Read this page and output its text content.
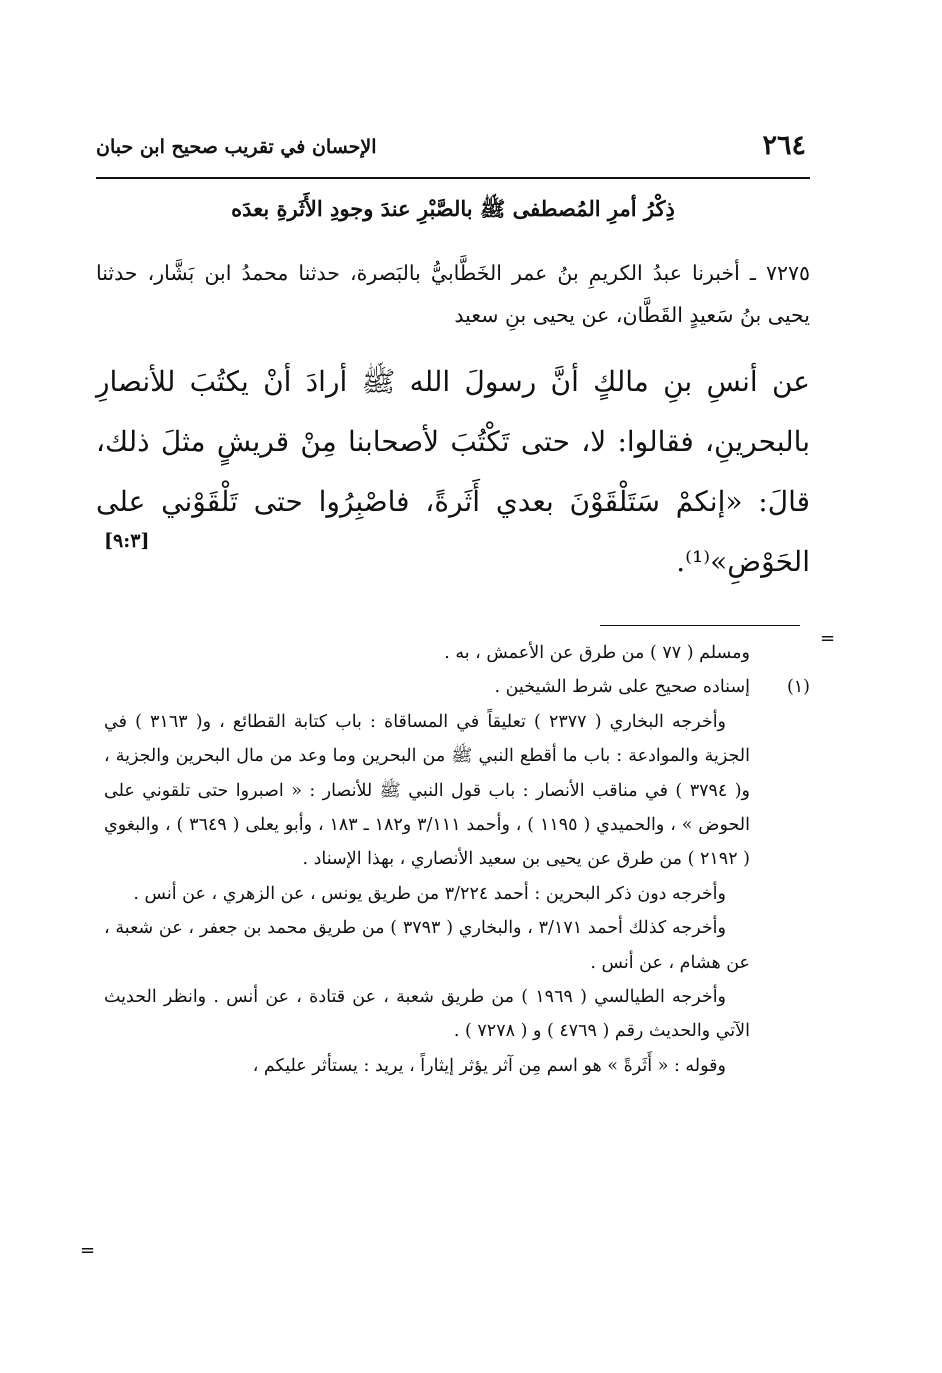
٢٦٤
الإحسان في تقريب صحيح ابن حبان
ذِكْرُ أمرِ المُصطفى ﷺ بالصَّبْرِ عندَ وجودِ الأَثَرةِ بعدَه

٧٢٧٥ ـ أخبرنا عبدُ الكريمِ بنُ عمر الخَطَّابيُّ بالبَصرة، حدثنا محمدُ ابن بَشَّار، حدثنا يحيى بنُ سَعيدٍ القَطَّان، عن يحيى بنِ سعيد

عن أنسِ بنِ مالكٍ أنَّ رسولَ الله ﷺ أرادَ أنْ يكتُبَ للأنصارِ بالبحرينِ، فقالوا: لا، حتى تَكْتُبَ لأصحابنا مِنْ قريشٍ مثلَ ذلك، قالَ: «إنكمْ سَتَلْقَوْنَ بعدي أَثَرةً، فاصْبِرُوا حتى تَلْقَوْني على الحَوْضِ»⁽¹⁾.

[٩:٣]
=

ومسلم ( ٧٧ ) من طرق عن الأعمش ، به .

(١)
إسناده صحيح على شرط الشيخين .

وأخرجه البخاري ( ٢٣٧٧ ) تعليقاً في المساقاة : باب كتابة القطائع ، و( ٣١٦٣ ) في الجزية والموادعة : باب ما أقطع النبي ﷺ من البحرين وما وعد من مال البحرين والجزية ، و( ٣٧٩٤ ) في مناقب الأنصار : باب قول النبي ﷺ للأنصار : « اصبروا حتى تلقوني على الحوض » ، والحميدي ( ١١٩٥ ) ، وأحمد ٣/١١١ و١٨٢ ـ ١٨٣ ، وأبو يعلى ( ٣٦٤٩ ) ، والبغوي ( ٢١٩٢ ) من طرق عن يحيى بن سعيد الأنصاري ، بهذا الإسناد .

وأخرجه دون ذكر البحرين : أحمد ٣/٢٢٤ من طريق يونس ، عن الزهري ، عن أنس .

وأخرجه كذلك أحمد ٣/١٧١ ، والبخاري ( ٣٧٩٣ ) من طريق محمد بن جعفر ، عن شعبة ، عن هشام ، عن أنس .

وأخرجه الطيالسي ( ١٩٦٩ ) من طريق شعبة ، عن قتادة ، عن أنس . وانظر الحديث الآتي والحديث رقم ( ٤٧٦٩ ) و ( ٧٢٧٨ ) .

وقوله : « أَثَرةً » هو اسم مِن آثر يؤثر إيثاراً ، يريد : يستأثر عليكم ،

=
